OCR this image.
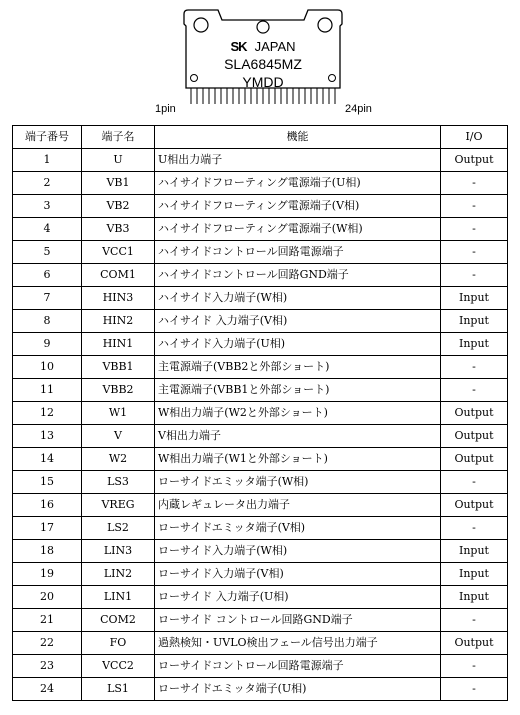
SK JAPAN
SLA6845MZ
YMDD
1pin	24pin
端子番号	端子名	機能	I/O
1	U	U相出力端子	Output
2	VB1	ハイサイドフローティング電源端子(U相)	-
3	VB2	ハイサイドフローティング電源端子(V相)	-
4	VB3	ハイサイドフローティング電源端子(W相)	-
5	VCC1	ハイサイドコントロール回路電源端子	-
6	COM1	ハイサイドコントロール回路GND端子	-
7	HIN3	ハイサイド入力端子(W相)	Input
8	HIN2	ハイサイド 入力端子(V相)	Input
9	HIN1	ハイサイド入力端子(U相)	Input
10	VBB1	主電源端子(VBB2と外部ショート)	-
11	VBB2	主電源端子(VBB1と外部ショート)	-
12	W1	W相出力端子(W2と外部ショート)	Output
13	V	V相出力端子	Output
14	W2	W相出力端子(W1と外部ショート)	Output
15	LS3	ローサイドエミッタ端子(W相)	-
16	VREG	内蔵レギュレータ出力端子	Output
17	LS2	ローサイドエミッタ端子(V相)	-
18	LIN3	ローサイド入力端子(W相)	Input
19	LIN2	ローサイド入力端子(V相)	Input
20	LIN1	ローサイド 入力端子(U相)	Input
21	COM2	ローサイド コントロール回路GND端子	-
22	FO	過熱検知・UVLO検出フェール信号出力端子	Output
23	VCC2	ローサイドコントロール回路電源端子	-
24	LS1	ローサイドエミッタ端子(U相)	-
